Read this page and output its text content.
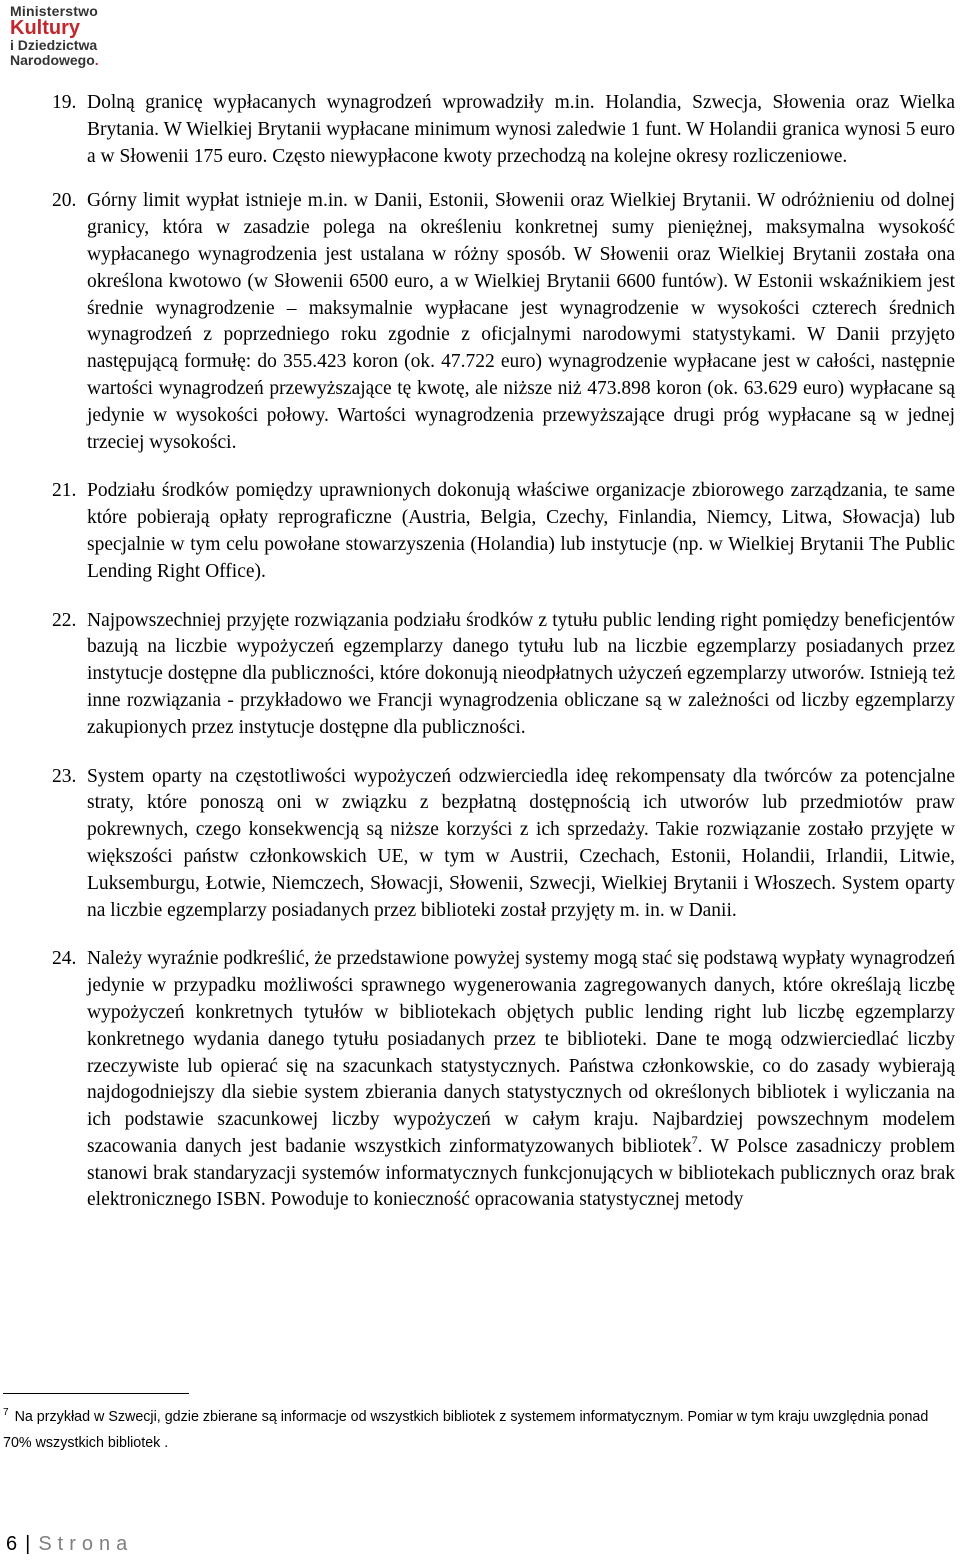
Ministerstwo
Kultury
i Dziedzictwa
Narodowego.

19. Dolną granicę wypłacanych wynagrodzeń wprowadziły m.in. Holandia, Szwecja, Słowenia oraz Wielka Brytania. W Wielkiej Brytanii wypłacane minimum wynosi zaledwie 1 funt. W Holandii granica wynosi 5 euro a w Słowenii 175 euro. Często niewypłacone kwoty przechodzą na kolejne okresy rozliczeniowe.

20. Górny limit wypłat istnieje m.in. w Danii, Estonii, Słowenii oraz Wielkiej Brytanii. W odróżnieniu od dolnej granicy, która w zasadzie polega na określeniu konkretnej sumy pieniężnej, maksymalna wysokość wypłacanego wynagrodzenia jest ustalana w różny sposób. W Słowenii oraz Wielkiej Brytanii została ona określona kwotowo (w Słowenii 6500 euro, a w Wielkiej Brytanii 6600 funtów). W Estonii wskaźnikiem jest średnie wynagrodzenie – maksymalnie wypłacane jest wynagrodzenie w wysokości czterech średnich wynagrodzeń z poprzedniego roku zgodnie z oficjalnymi narodowymi statystykami. W Danii przyjęto następującą formułę: do 355.423 koron (ok. 47.722 euro) wynagrodzenie wypłacane jest w całości, następnie wartości wynagrodzeń przewyższające tę kwotę, ale niższe niż 473.898 koron (ok. 63.629 euro) wypłacane są jedynie w wysokości połowy. Wartości wynagrodzenia przewyższające drugi próg wypłacane są w jednej trzeciej wysokości.

21. Podziału środków pomiędzy uprawnionych dokonują właściwe organizacje zbiorowego zarządzania, te same które pobierają opłaty reprograficzne (Austria, Belgia, Czechy, Finlandia, Niemcy, Litwa, Słowacja) lub specjalnie w tym celu powołane stowarzyszenia (Holandia) lub instytucje (np. w Wielkiej Brytanii The Public Lending Right Office).

22. Najpowszechniej przyjęte rozwiązania podziału środków z tytułu public lending right pomiędzy beneficjentów bazują na liczbie wypożyczeń egzemplarzy danego tytułu lub na liczbie egzemplarzy posiadanych przez instytucje dostępne dla publiczności, które dokonują nieodpłatnych użyczeń egzemplarzy utworów. Istnieją też inne rozwiązania - przykładowo we Francji wynagrodzenia obliczane są w zależności od liczby egzemplarzy zakupionych przez instytucje dostępne dla publiczności.

23. System oparty na częstotliwości wypożyczeń odzwierciedla ideę rekompensaty dla twórców za potencjalne straty, które ponoszą oni w związku z bezpłatną dostępnością ich utworów lub przedmiotów praw pokrewnych, czego konsekwencją są niższe korzyści z ich sprzedaży. Takie rozwiązanie zostało przyjęte w większości państw członkowskich UE, w tym w Austrii, Czechach, Estonii, Holandii, Irlandii, Litwie, Luksemburgu, Łotwie, Niemczech, Słowacji, Słowenii, Szwecji, Wielkiej Brytanii i Włoszech. System oparty na liczbie egzemplarzy posiadanych przez biblioteki został przyjęty m. in. w Danii.

24. Należy wyraźnie podkreślić, że przedstawione powyżej systemy mogą stać się podstawą wypłaty wynagrodzeń jedynie w przypadku możliwości sprawnego wygenerowania zagregowanych danych, które określają liczbę wypożyczeń konkretnych tytułów w bibliotekach objętych public lending right lub liczbę egzemplarzy konkretnego wydania danego tytułu posiadanych przez te biblioteki. Dane te mogą odzwierciedlać liczby rzeczywiste lub opierać się na szacunkach statystycznych. Państwa członkowskie, co do zasady wybierają najdogodniejszy dla siebie system zbierania danych statystycznych od określonych bibliotek i wyliczania na ich podstawie szacunkowej liczby wypożyczeń w całym kraju. Najbardziej powszechnym modelem szacowania danych jest badanie wszystkich zinformatyzowanych bibliotek$^7$. W Polsce zasadniczy problem stanowi brak standaryzacji systemów informatycznych funkcjonujących w bibliotekach publicznych oraz brak elektronicznego ISBN. Powoduje to konieczność opracowania statystycznej metody

$^7$ Na przykład w Szwecji, gdzie zbierane są informacje od wszystkich bibliotek z systemem informatycznym. Pomiar w tym kraju uwzględnia ponad 70% wszystkich bibliotek .
6 | Strona
